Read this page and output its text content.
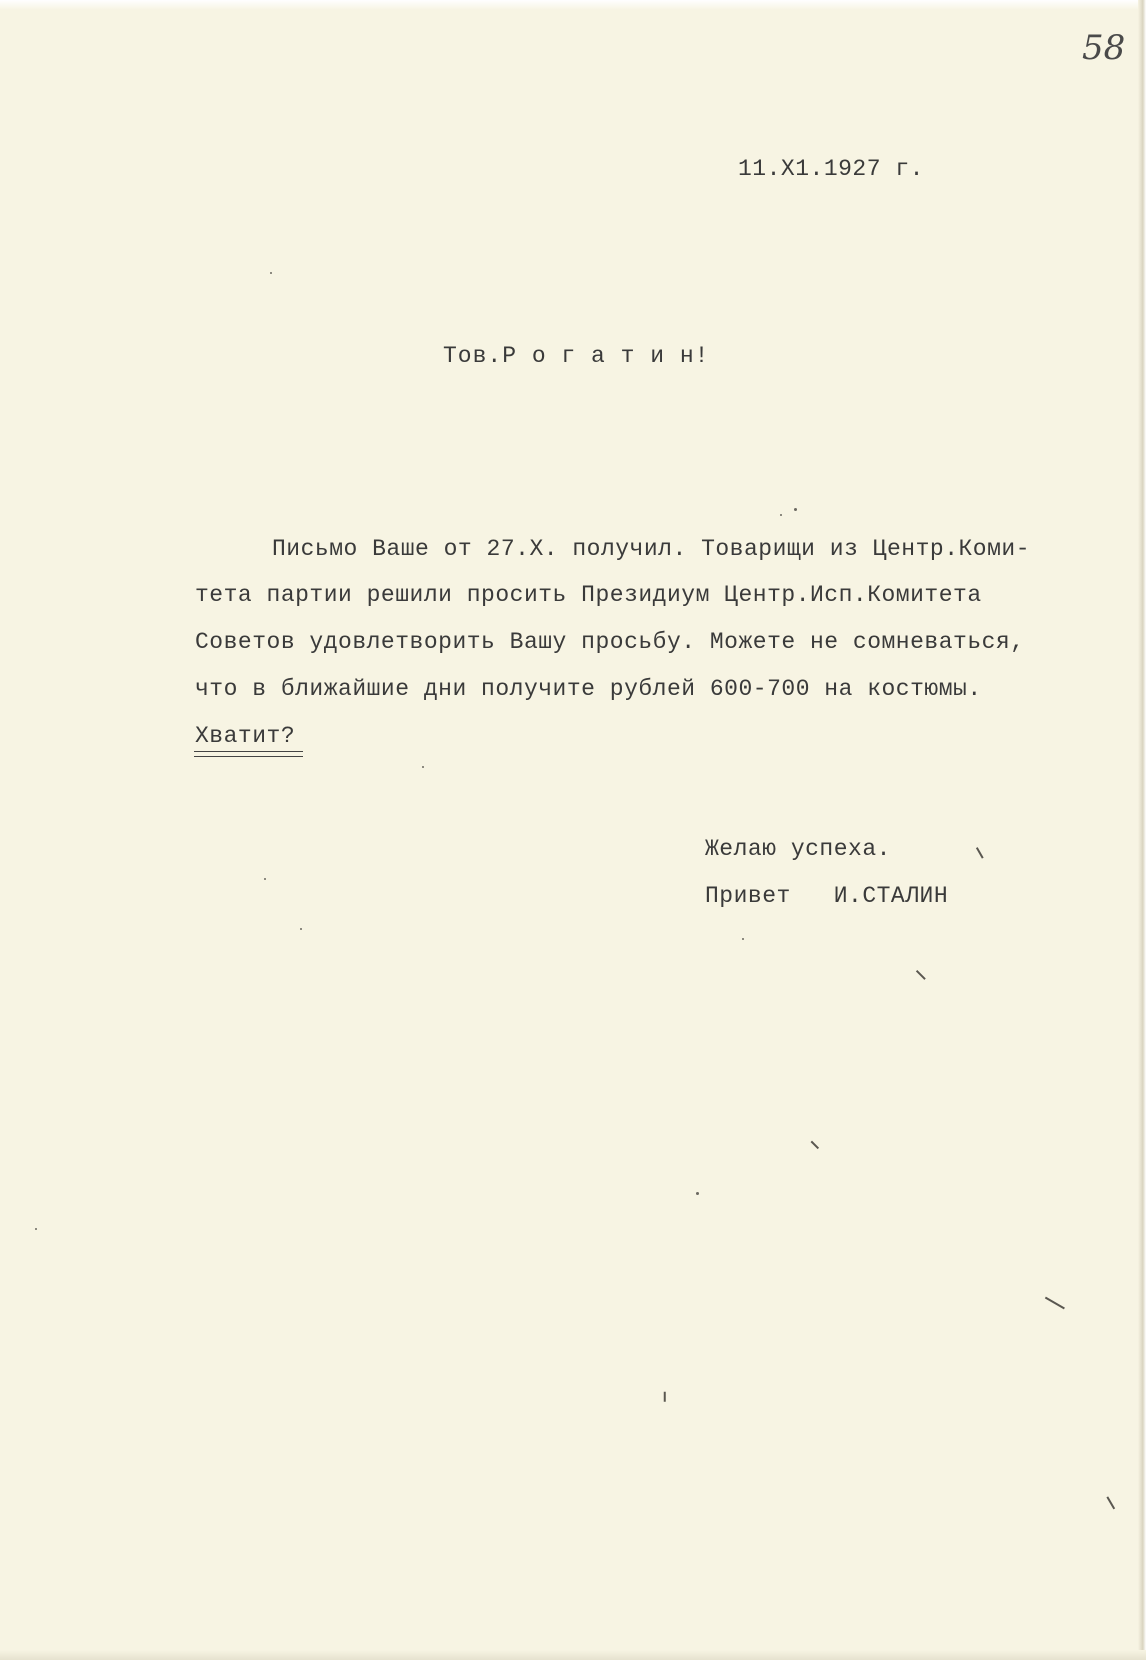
58
11.Х1.1927 г.
Тов.Р о г а т и н!
Письмо Ваше от 27.Х. получил. Товарищи из Центр.Коми-
тета партии решили просить Президиум Центр.Исп.Комитета
Советов удовлетворить Вашу просьбу. Можете не сомневаться,
что в ближайшие дни получите рублей 600-700 на костюмы.
Хватит?
Желаю успеха.
Привет   И.СТАЛИН
